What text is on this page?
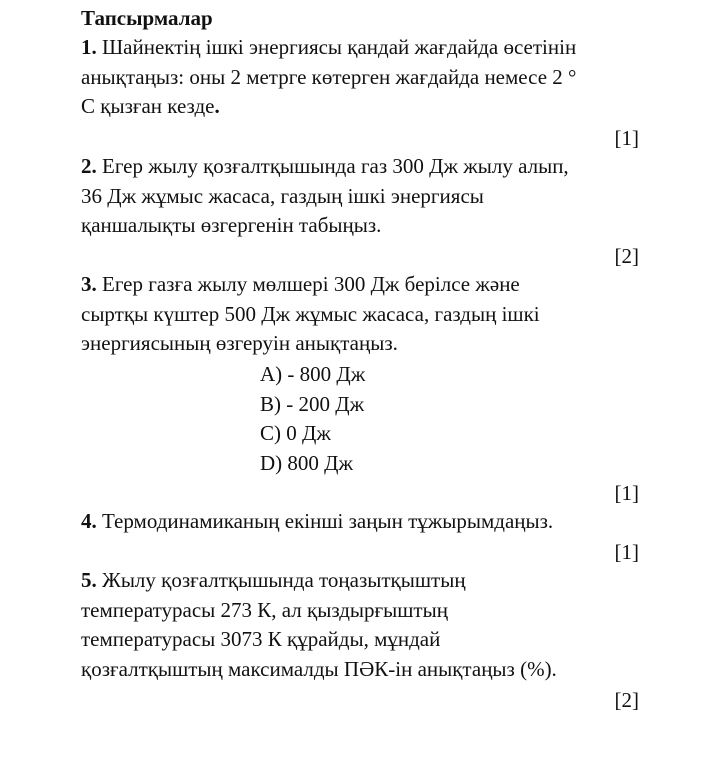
Тапсырмалар
1. Шайнектің ішкі энергиясы қандай жағдайда өсетінін
анықтаңыз: оны 2 метрге көтерген жағдайда немесе 2 °
С қызған кезде.
[1]
2. Егер жылу қозғалтқышында газ 300 Дж жылу алып,
36 Дж жұмыс жасаса, газдың ішкі энергиясы
қаншалықты өзгергенін табыңыз.
[2]
3. Егер газға жылу мөлшері 300 Дж берілсе және
сыртқы күштер 500 Дж жұмыс жасаса, газдың ішкі
энергиясының өзгеруін анықтаңыз.
A) - 800 Дж
B) - 200 Дж
C) 0 Дж
D) 800 Дж
[1]
4. Термодинамиканың екінші заңын тұжырымдаңыз.
[1]
5. Жылу қозғалтқышында тоңазытқыштың
температурасы 273 К, ал қыздырғыштың
температурасы 3073 К құрайды, мұндай
қозғалтқыштың максималды ПӘК-ін анықтаңыз (%).
[2]
